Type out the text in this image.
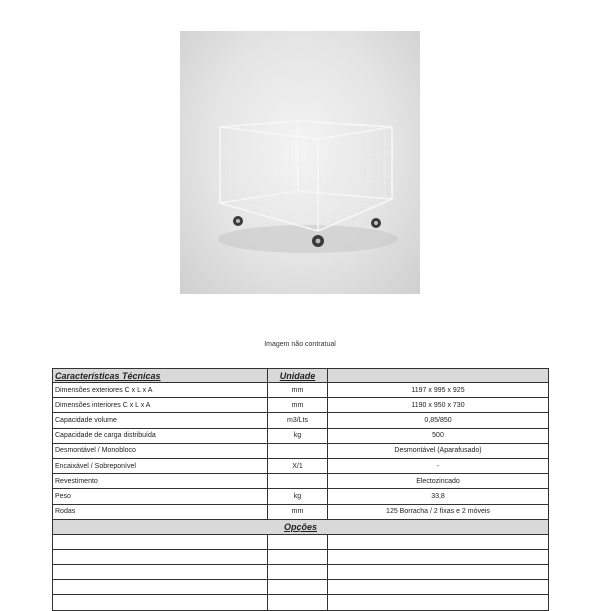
Imagem não contratual
Características Técnicas	Unidade	
Dimensões exteriores C x L x A	mm	1197 x 995 x 925
Dimensões interiores C x L x A	mm	1190 x 950 x 730
Capacidade volume	m3/Lts	0,85/850
Capacidade de carga distribuída	kg	500
Desmontável / Monobloco		Desmontável (Aparafusado)
Encaixável / Sobreponível	X/1	-
Revestimento		Electozincado
Peso	kg	33,8
Rodas	mm	125 Borracha / 2 fixas e 2 móveis
Opções		
